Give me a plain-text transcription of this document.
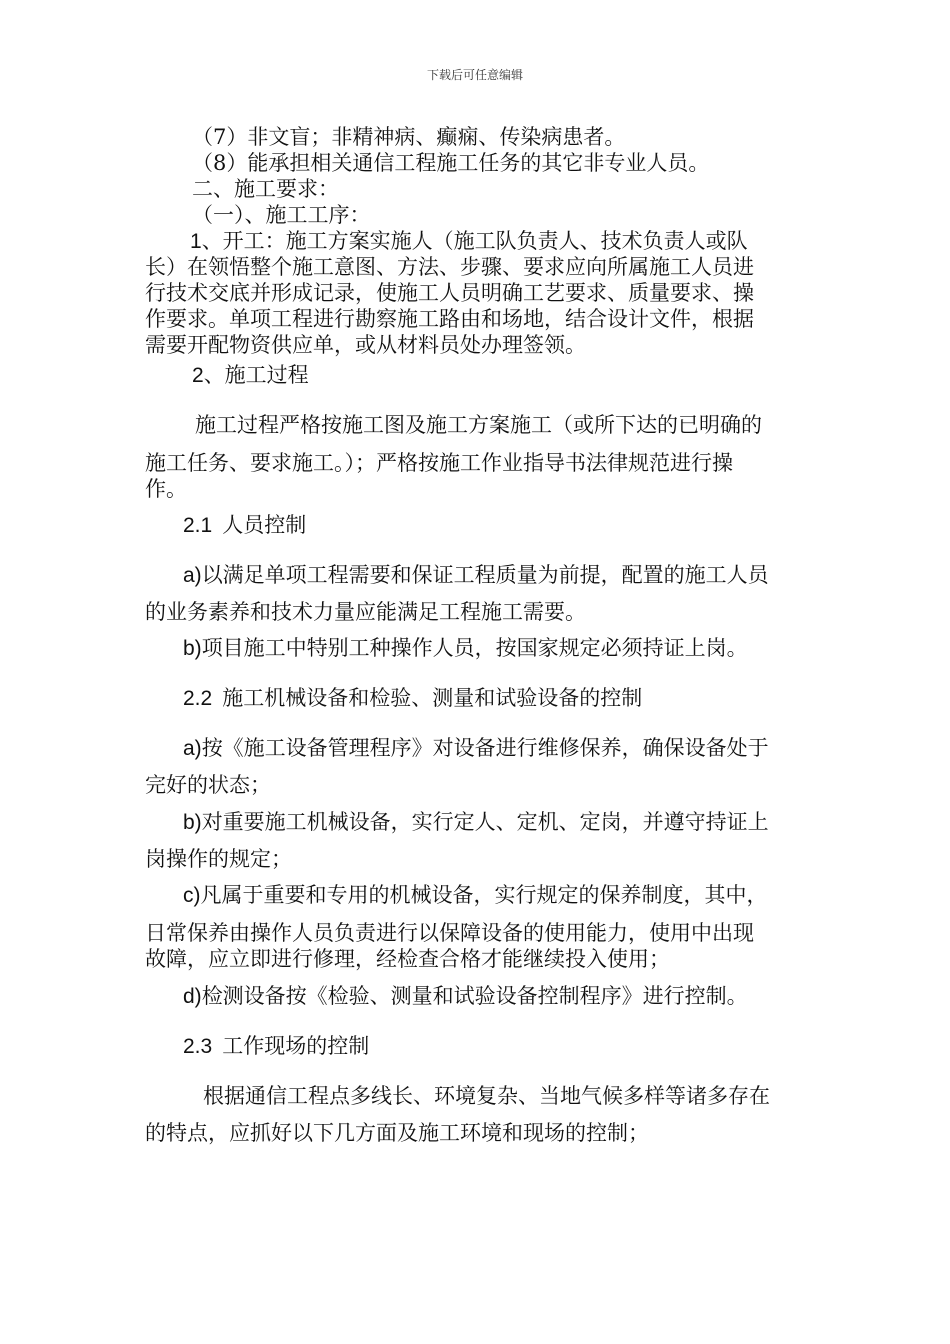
下载后可任意编辑
（7）非文盲；非精神病、癫痫、传染病患者。
（8）能承担相关通信工程施工任务的其它非专业人员。
二、施工要求：
（一）、施工工序：
1、开工：施工方案实施人（施工队负责人、技术负责人或队
长）在领悟整个施工意图、方法、步骤、要求应向所属施工人员进
行技术交底并形成记录，使施工人员明确工艺要求、质量要求、操
作要求。单项工程进行勘察施工路由和场地，结合设计文件，根据
需要开配物资供应单，或从材料员处办理签领。
2、施工过程
施工过程严格按施工图及施工方案施工（或所下达的已明确的
施工任务、要求施工。）；严格按施工作业指导书法律规范进行操
作。
2.1 人员控制
a)以满足单项工程需要和保证工程质量为前提，配置的施工人员
的业务素养和技术力量应能满足工程施工需要。
b)项目施工中特别工种操作人员，按国家规定必须持证上岗。
2.2 施工机械设备和检验、测量和试验设备的控制
a)按《施工设备管理程序》对设备进行维修保养，确保设备处于
完好的状态；
b)对重要施工机械设备，实行定人、定机、定岗，并遵守持证上
岗操作的规定；
c)凡属于重要和专用的机械设备，实行规定的保养制度，其中，
日常保养由操作人员负责进行以保障设备的使用能力，使用中出现
故障，应立即进行修理，经检查合格才能继续投入使用；
d)检测设备按《检验、测量和试验设备控制程序》进行控制。
2.3 工作现场的控制
根据通信工程点多线长、环境复杂、当地气候多样等诸多存在
的特点，应抓好以下几方面及施工环境和现场的控制；
